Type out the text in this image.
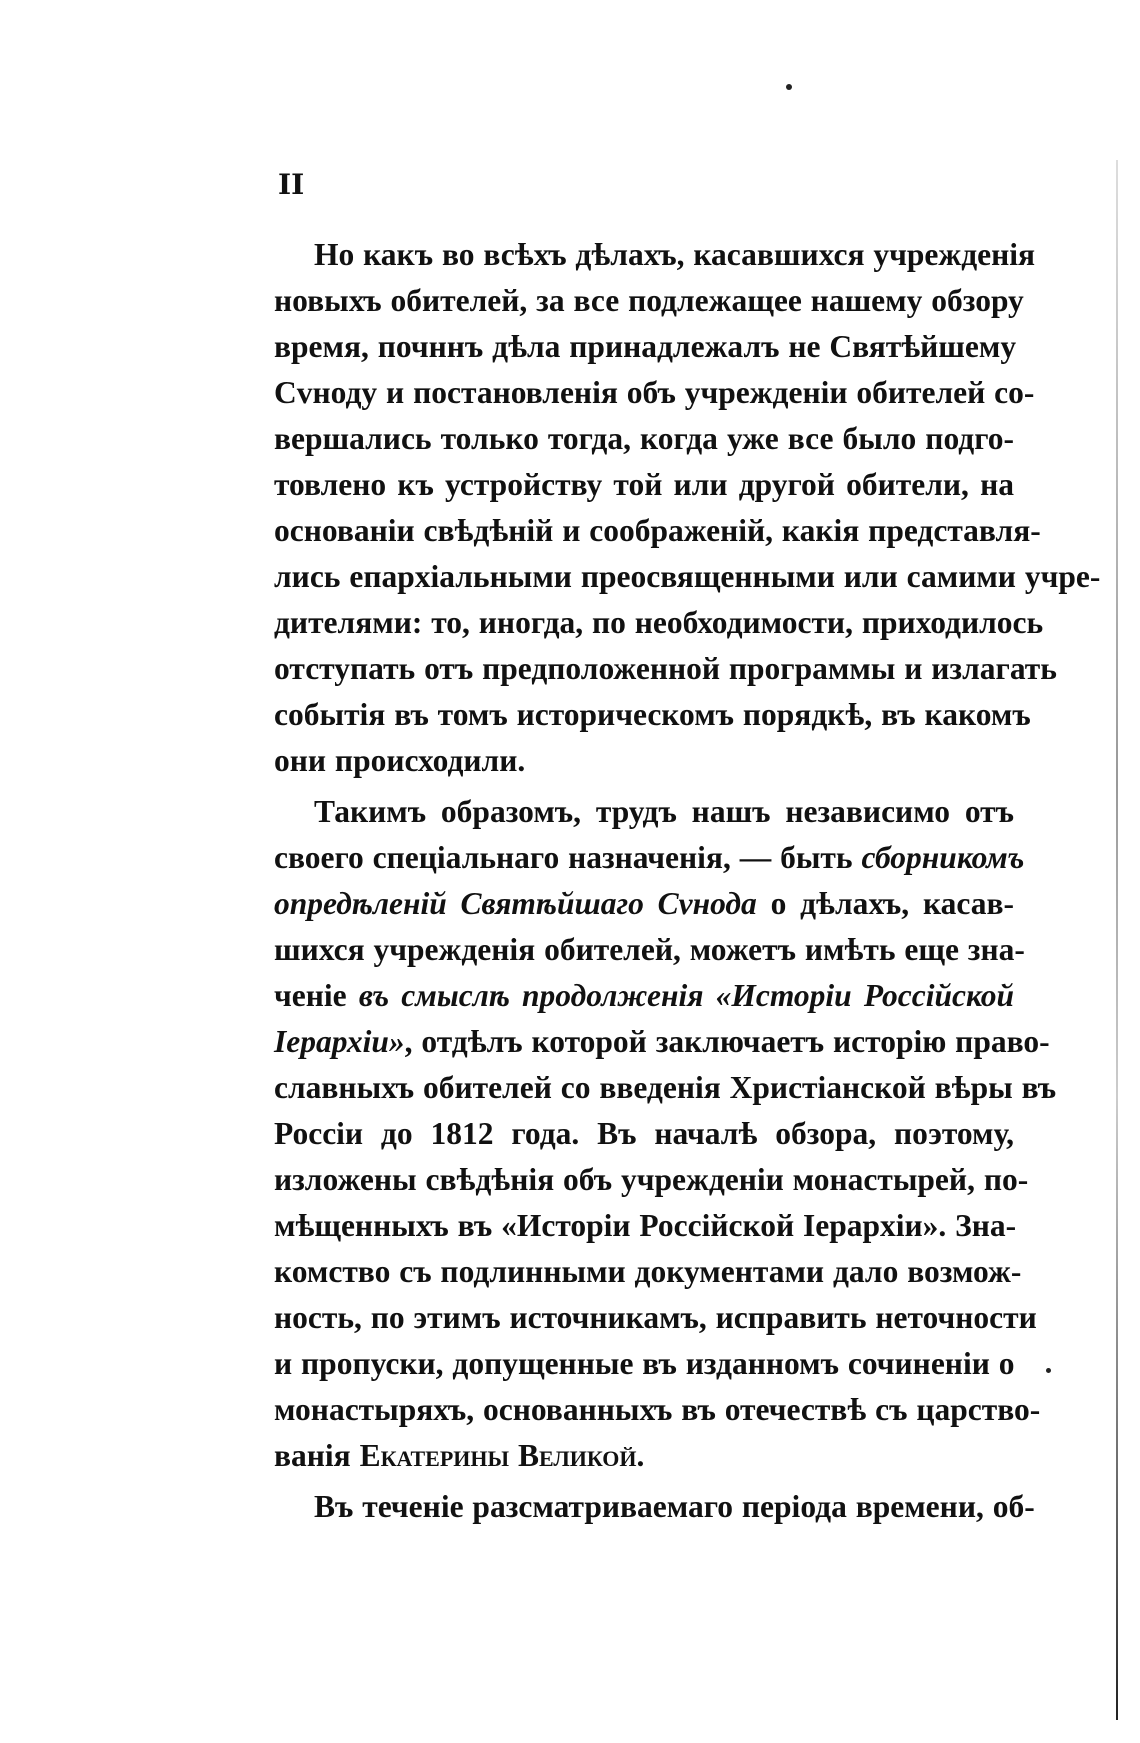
II

Но какъ во всѣхъ дѣлахъ, касавшихся учрежденія
новыхъ обителей, за все подлежащее нашему обзору
время, почннъ дѣла принадлежалъ не Святѣйшему
Сvноду и постановленія объ учрежденіи обителей со-
вершались только тогда, когда уже все было подго-
товлено къ устройству той или другой обители, на
основаніи свѣдѣній и соображеній, какія представля-
лись епархіальными преосвященными или самими учре-
дителями: то, иногда, по необходимости, приходилось
отступать отъ предположенной программы и излагать
событія въ томъ историческомъ порядкѣ, въ какомъ
они происходили.

Такимъ образомъ, трудъ нашъ независимо отъ
своего спеціальнаго назначенія, — быть сборникомъ
опредѣленій Святѣйшаго Сνнода о дѣлахъ, касав-
шихся учрежденія обителей, можетъ имѣть еще зна-
ченіе въ смыслѣ продолженія «Исторіи Россійской
Іерархіи», отдѣлъ которой заключаетъ исторію право-
славныхъ обителей со введенія Христіанской вѣры въ
Россіи до 1812 года. Въ началѣ обзора, поэтому,
изложены свѣдѣнія объ учрежденіи монастырей, по-
мѣщенныхъ въ «Исторіи Россійской Іерархіи». Зна-
комство съ подлинными документами дало возмож-
ность, по этимъ источникамъ, исправить неточности
и пропуски, допущенные въ изданномъ сочиненіи о
монастыряхъ, основанныхъ въ отечествѣ съ царство-
ванія Екатерины Великой.

Въ теченіе разсматриваемаго періода времени, об-
